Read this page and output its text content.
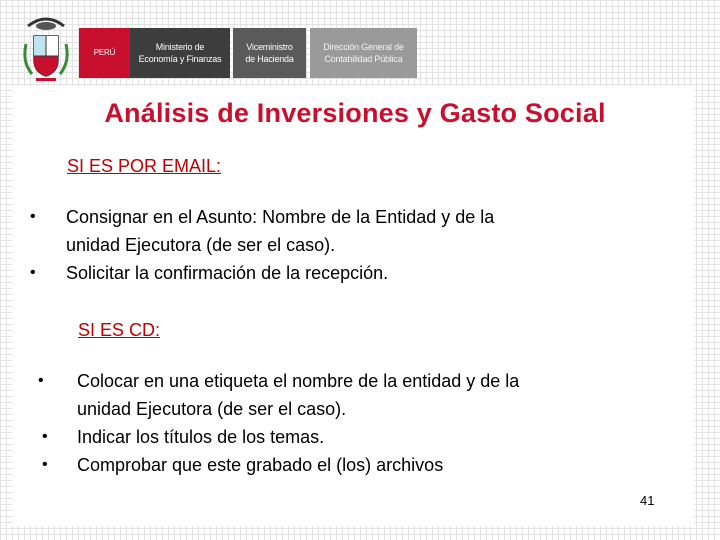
PERÚ
Ministerio de
Economía y Finanzas
Viceministro
de Hacienda
Dirección General de
Contabilidad Pública
Análisis de Inversiones y Gasto Social
SI ES POR EMAIL:
• Consignar en el Asunto: Nombre de la Entidad y de la
unidad Ejecutora (de ser el caso).
• Solicitar la confirmación de la recepción.
SI ES CD:
• Colocar en una etiqueta el nombre de la entidad y de la
unidad Ejecutora (de ser el caso).
• Indicar los títulos de los temas.
• Comprobar que este grabado el (los) archivos
41
